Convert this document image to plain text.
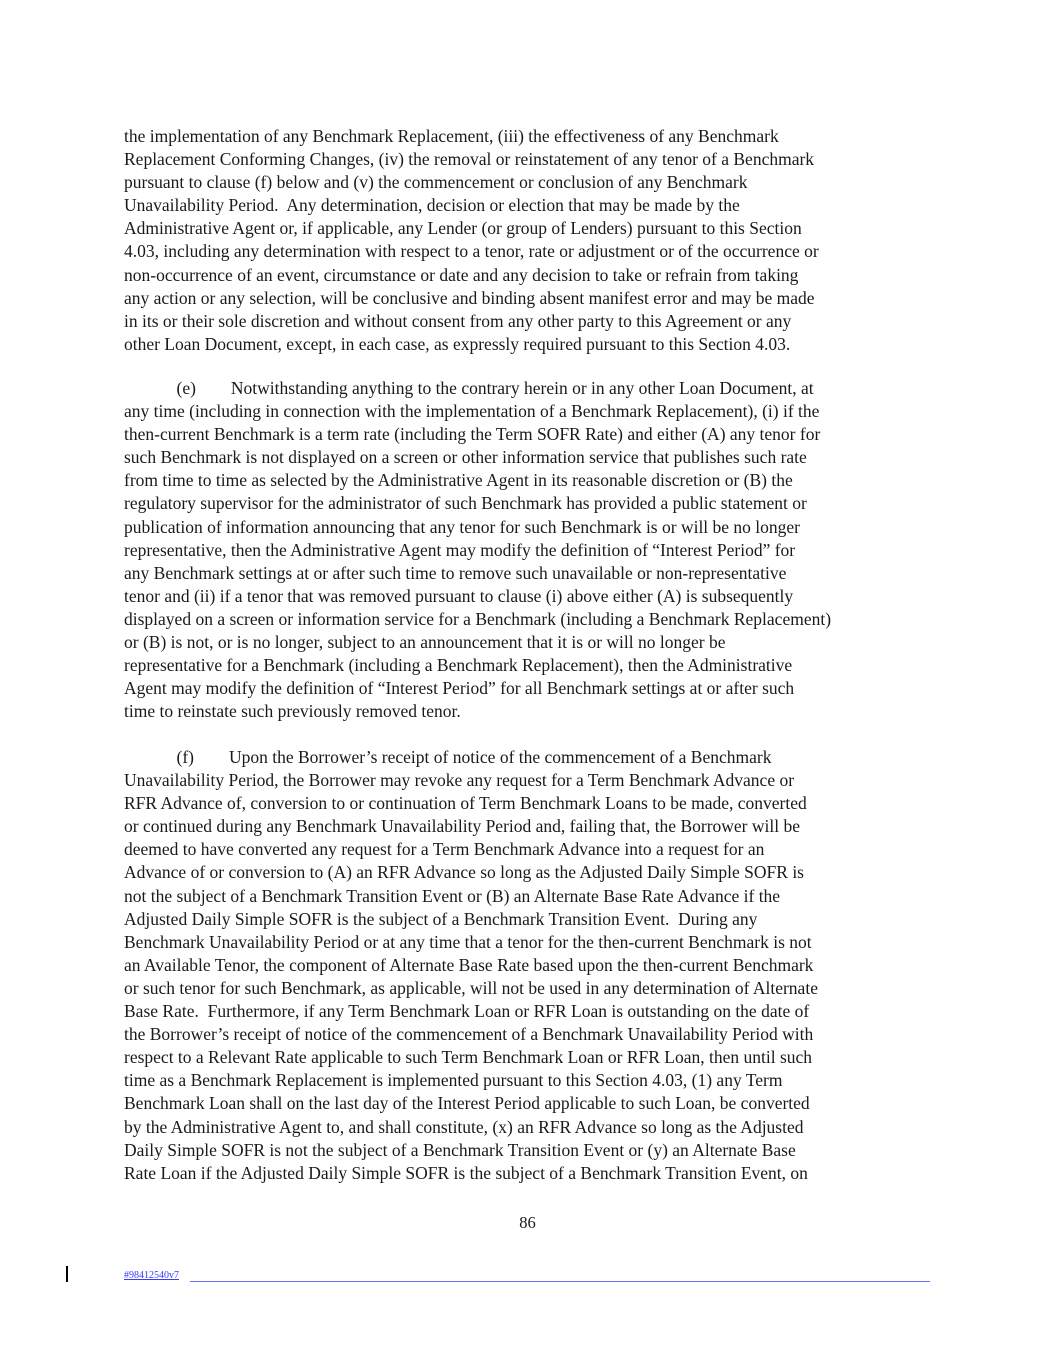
the implementation of any Benchmark Replacement, (iii) the effectiveness of any Benchmark

Replacement Conforming Changes, (iv) the removal or reinstatement of any tenor of a Benchmark

pursuant to clause (f) below and (v) the commencement or conclusion of any Benchmark

Unavailability Period.  Any determination, decision or election that may be made by the

Administrative Agent or, if applicable, any Lender (or group of Lenders) pursuant to this Section

4.03, including any determination with respect to a tenor, rate or adjustment or of the occurrence or

non-occurrence of an event, circumstance or date and any decision to take or refrain from taking

any action or any selection, will be conclusive and binding absent manifest error and may be made

in its or their sole discretion and without consent from any other party to this Agreement or any

other Loan Document, except, in each case, as expressly required pursuant to this Section 4.03.

(e)        Notwithstanding anything to the contrary herein or in any other Loan Document, at

any time (including in connection with the implementation of a Benchmark Replacement), (i) if the

then-current Benchmark is a term rate (including the Term SOFR Rate) and either (A) any tenor for

such Benchmark is not displayed on a screen or other information service that publishes such rate

from time to time as selected by the Administrative Agent in its reasonable discretion or (B) the

regulatory supervisor for the administrator of such Benchmark has provided a public statement or

publication of information announcing that any tenor for such Benchmark is or will be no longer

representative, then the Administrative Agent may modify the definition of “Interest Period” for

any Benchmark settings at or after such time to remove such unavailable or non-representative

tenor and (ii) if a tenor that was removed pursuant to clause (i) above either (A) is subsequently

displayed on a screen or information service for a Benchmark (including a Benchmark Replacement)

or (B) is not, or is no longer, subject to an announcement that it is or will no longer be

representative for a Benchmark (including a Benchmark Replacement), then the Administrative

Agent may modify the definition of “Interest Period” for all Benchmark settings at or after such

time to reinstate such previously removed tenor.

(f)        Upon the Borrower’s receipt of notice of the commencement of a Benchmark

Unavailability Period, the Borrower may revoke any request for a Term Benchmark Advance or

RFR Advance of, conversion to or continuation of Term Benchmark Loans to be made, converted

or continued during any Benchmark Unavailability Period and, failing that, the Borrower will be

deemed to have converted any request for a Term Benchmark Advance into a request for an

Advance of or conversion to (A) an RFR Advance so long as the Adjusted Daily Simple SOFR is

not the subject of a Benchmark Transition Event or (B) an Alternate Base Rate Advance if the

Adjusted Daily Simple SOFR is the subject of a Benchmark Transition Event.  During any

Benchmark Unavailability Period or at any time that a tenor for the then-current Benchmark is not

an Available Tenor, the component of Alternate Base Rate based upon the then-current Benchmark

or such tenor for such Benchmark, as applicable, will not be used in any determination of Alternate

Base Rate.  Furthermore, if any Term Benchmark Loan or RFR Loan is outstanding on the date of

the Borrower’s receipt of notice of the commencement of a Benchmark Unavailability Period with

respect to a Relevant Rate applicable to such Term Benchmark Loan or RFR Loan, then until such

time as a Benchmark Replacement is implemented pursuant to this Section 4.03, (1) any Term

Benchmark Loan shall on the last day of the Interest Period applicable to such Loan, be converted

by the Administrative Agent to, and shall constitute, (x) an RFR Advance so long as the Adjusted

Daily Simple SOFR is not the subject of a Benchmark Transition Event or (y) an Alternate Base

Rate Loan if the Adjusted Daily Simple SOFR is the subject of a Benchmark Transition Event, on

86
#98412540v7
